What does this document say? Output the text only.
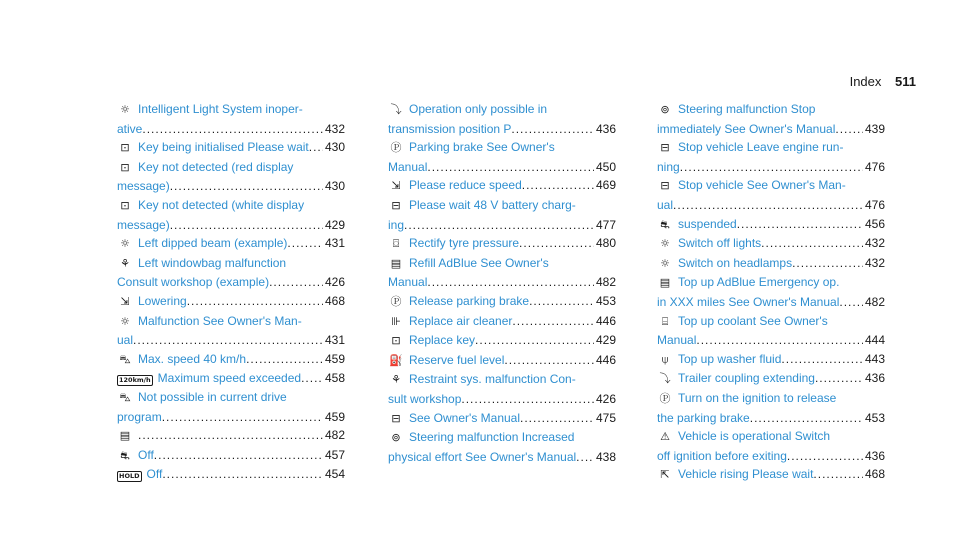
Index 511
☼ Intelligent Light System inoper-
ative .....	432
⊡ Key being initialised Please wait ..... 430
⊡ Key not detected (red display
message) .....	430
⊡ Key not detected (white display
message) .....	429
☼ Left dipped beam (example) .....	431
⚘ Left windowbag malfunction
Consult workshop (example) .....	426
⇲ Lowering .....	468
☼ Malfunction See Owner's Man-
ual .....	431
⛍ Max. speed 40 km/h .....	459
120km/h Maximum speed exceeded ..... 458
⛍ Not possible in current drive
program .....	459
▤ .....	482
⛐ Off .....	457
HOLD Off .....	454
⤵ Operation only possible in
transmission position P .....	436
Ⓟ Parking brake See Owner's
Manual .....	450
⇲ Please reduce speed .....	469
⊟ Please wait 48 V battery charg-
ing .....	477
⌼ Rectify tyre pressure .....	480
▤ Refill AdBlue See Owner's
Manual .....	482
Ⓟ Release parking brake .....	453
⊪ Replace air cleaner .....	446
⊡ Replace key .....	429
⛽ Reserve fuel level .....	446
⚘ Restraint sys. malfunction Con-
sult workshop .....	426
⊟ See Owner's Manual .....	475
⊚ Steering malfunction Increased
physical effort See Owner's Manual ..... 438
⊚ Steering malfunction Stop
immediately See Owner's Manual ..... 439
⊟ Stop vehicle Leave engine run-
ning .....	476
⊟ Stop vehicle See Owner's Man-
ual .....	476
⛐ suspended .....	456
☼ Switch off lights .....	432
☼ Switch on headlamps .....	432
▤ Top up AdBlue Emergency op.
in XXX miles See Owner's Manual ..... 482
⌸ Top up coolant See Owner's
Manual .....	444
⍦ Top up washer fluid .....	443
⤵ Trailer coupling extending .....	436
Ⓟ Turn on the ignition to release
the parking brake .....	453
⚠ Vehicle is operational Switch
off ignition before exiting .....	436
⇱ Vehicle rising Please wait .....	468
